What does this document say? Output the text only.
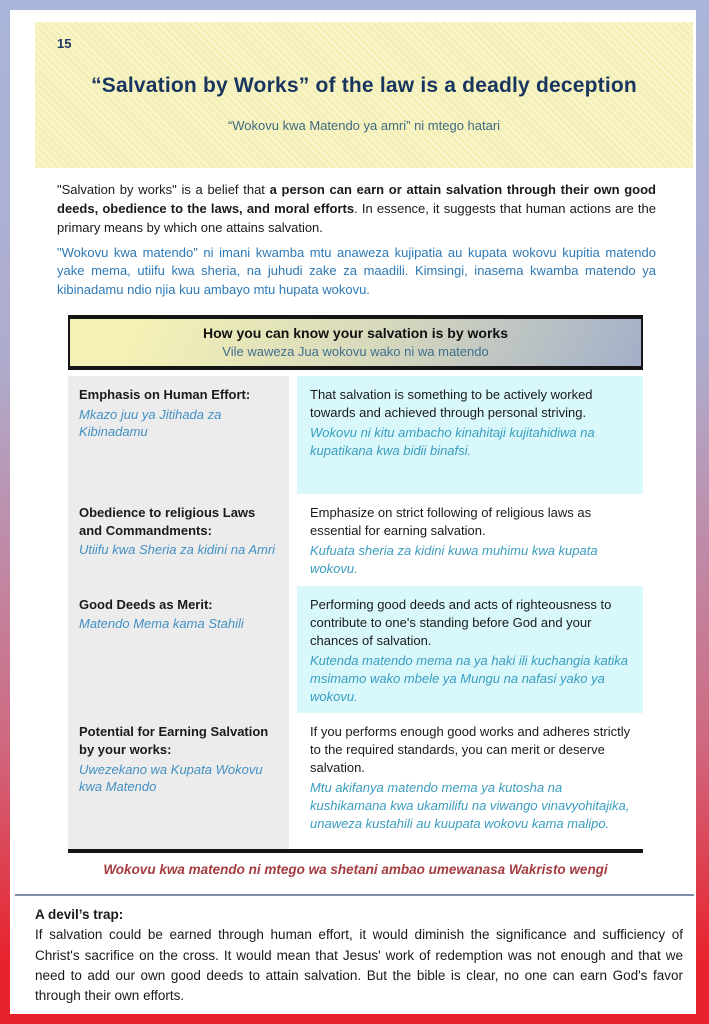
15
“Salvation by Works” of the law is a deadly deception
“Wokovu kwa Matendo ya amri” ni mtego hatari

"Salvation by works" is a belief that a person can earn or attain salvation through their own good deeds, obedience to the laws, and moral efforts. In essence, it suggests that human actions are the primary means by which one attains salvation.

"Wokovu kwa matendo" ni imani kwamba mtu anaweza kujipatia au kupata wokovu kupitia matendo yake mema, utiifu kwa sheria, na juhudi zake za maadili. Kimsingi, inasema kwamba matendo ya kibinadamu ndio njia kuu ambayo mtu hupata wokovu.

How you can know your salvation is by works
Vile waweza Jua wokovu wako ni wa matendo
Emphasis on Human Effort:
Mkazo juu ya Jitihada za Kibinadamu
That salvation is something to be actively worked towards and achieved through personal striving.
Wokovu ni kitu ambacho kinahitaji kujitahidiwa na kupatikana kwa bidii binafsi.
Obedience to religious Laws and Commandments:
Utiifu kwa Sheria za kidini na Amri
Emphasize on strict following of religious laws as essential for earning salvation.
Kufuata sheria za kidini kuwa muhimu kwa kupata wokovu.
Good Deeds as Merit:
Matendo Mema kama Stahili
Performing good deeds and acts of righteousness to contribute to one's standing before God and your chances of salvation.
Kutenda matendo mema na ya haki ili kuchangia katika msimamo wako mbele ya Mungu na nafasi yako ya wokovu.
Potential for Earning Salvation by your works:
Uwezekano wa Kupata Wokovu kwa Matendo
If you performs enough good works and adheres strictly to the required standards, you can merit or deserve salvation.
Mtu akifanya matendo mema ya kutosha na kushikamana kwa ukamilifu na viwango vinavyohitajika, unaweza kustahili au kuupata wokovu kama malipo.
Wokovu kwa matendo ni mtego wa shetani ambao umewanasa Wakristo wengi
A devil’s trap:
If salvation could be earned through human effort, it would diminish the significance and sufficiency of Christ's sacrifice on the cross. It would mean that Jesus' work of redemption was not enough and that we need to add our own good deeds to attain salvation. But the bible is clear, no one can earn God's favor through their own efforts.
